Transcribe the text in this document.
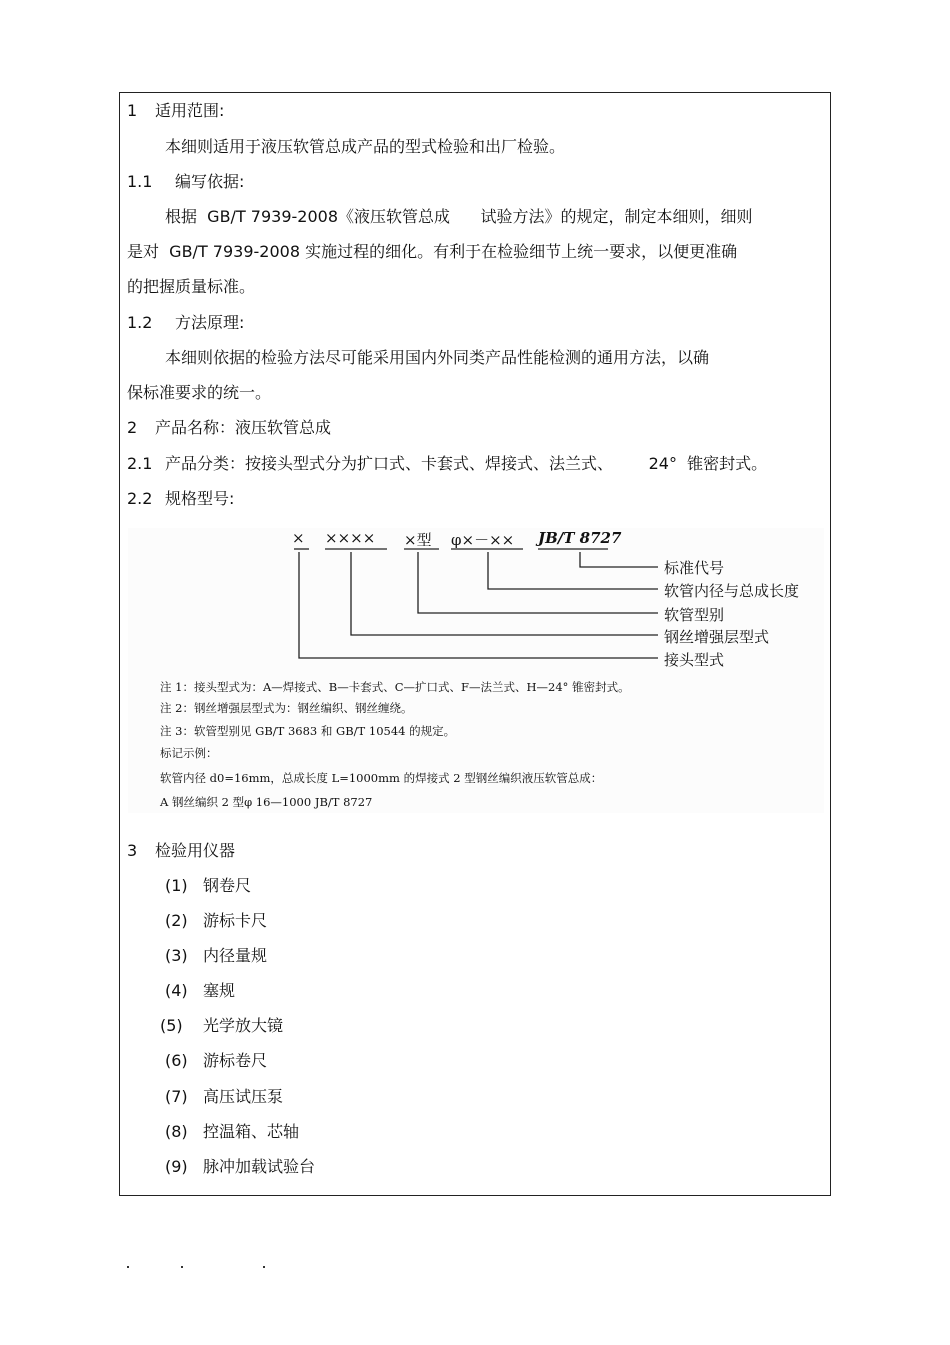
1 适用范围:
本细则适用于液压软管总成产品的型式检验和出厂检验。
1.1 编写依据:
根据  GB/T 7939-2008《液压软管总成      试验方法》的规定，制定本细则，细则
是对  GB/T 7939-2008 实施过程的细化。有利于在检验细节上统一要求，以便更准确
的把握质量标准。
1.2 方法原理:
本细则依据的检验方法尽可能采用国内外同类产品性能检测的通用方法，以确
保标准要求的统一。
2 产品名称：液压软管总成
2.1 产品分类：按接头型式分为扩口式、卡套式、焊接式、法兰式、       24°  锥密封式。
2.2 规格型号:
× ×××× ×型 φ×－×× JB/T 8727
标准代号
软管内径与总成长度
软管型别
钢丝增强层型式
接头型式
注 1：接头型式为：A—焊接式、B—卡套式、C—扩口式、F—法兰式、H—24° 锥密封式。
注 2：钢丝增强层型式为：钢丝编织、钢丝缠绕。
注 3：软管型别见 GB/T 3683 和 GB/T 10544 的规定。
标记示例：
软管内径 d0=16mm，总成长度 L=1000mm 的焊接式 2 型钢丝编织液压软管总成：
A 钢丝编织 2 型φ 16—1000 JB/T 8727
3 检验用仪器
(1) 钢卷尺
(2) 游标卡尺
(3) 内径量规
(4) 塞规
(5) 光学放大镜
(6) 游标卷尺
(7) 高压试压泵
(8) 控温箱、芯轴
(9) 脉冲加载试验台
